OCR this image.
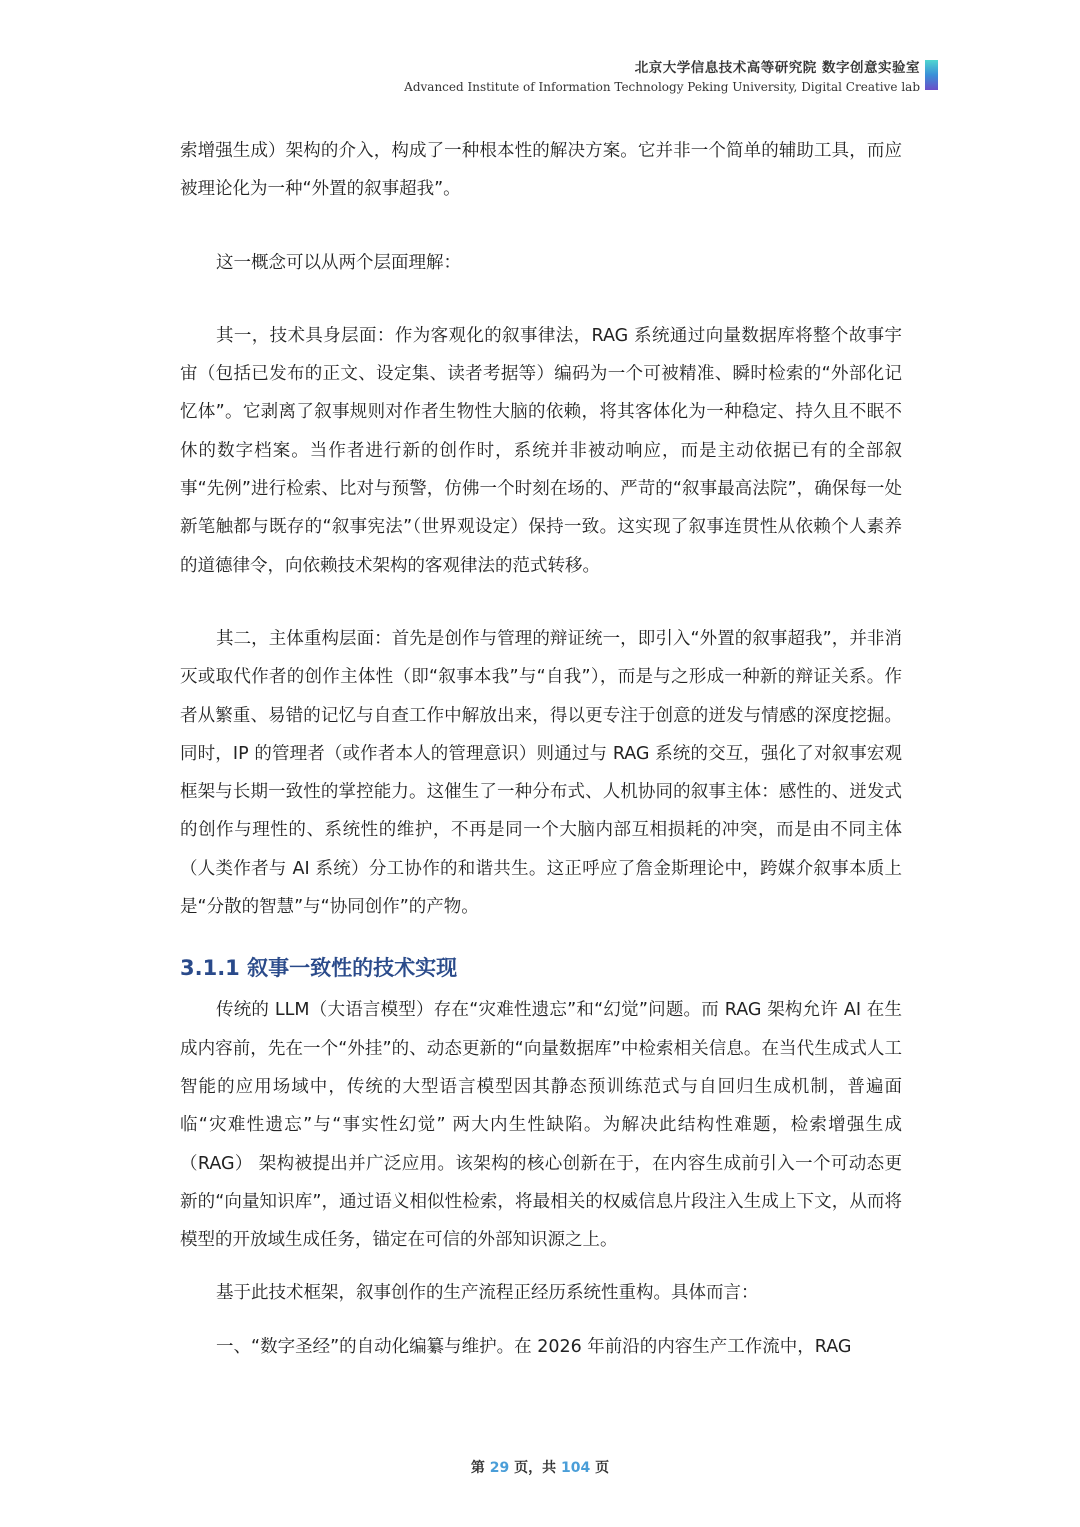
北京大学信息技术高等研究院 数字创意实验室
Advanced Institute of Information Technology Peking University, Digital Creative lab

索增强生成）架构的介入，构成了一种根本性的解决方案。它并非一个简单的辅助工具，而应被理论化为一种“外置的叙事超我”。

这一概念可以从两个层面理解：

其一，技术具身层面：作为客观化的叙事律法，RAG 系统通过向量数据库将整个故事宇宙（包括已发布的正文、设定集、读者考据等）编码为一个可被精准、瞬时检索的“外部化记忆体”。它剥离了叙事规则对作者生物性大脑的依赖，将其客体化为一种稳定、持久且不眠不休的数字档案。当作者进行新的创作时，系统并非被动响应，而是主动依据已有的全部叙事“先例”进行检索、比对与预警，仿佛一个时刻在场的、严苛的“叙事最高法院”，确保每一处新笔触都与既存的“叙事宪法”（世界观设定）保持一致。这实现了叙事连贯性从依赖个人素养的道德律令，向依赖技术架构的客观律法的范式转移。

其二，主体重构层面：首先是创作与管理的辩证统一，即引入“外置的叙事超我”，并非消灭或取代作者的创作主体性（即“叙事本我”与“自我”），而是与之形成一种新的辩证关系。作者从繁重、易错的记忆与自查工作中解放出来，得以更专注于创意的迸发与情感的深度挖掘。同时，IP 的管理者（或作者本人的管理意识）则通过与 RAG 系统的交互，强化了对叙事宏观框架与长期一致性的掌控能力。这催生了一种分布式、人机协同的叙事主体：感性的、迸发式的创作与理性的、系统性的维护，不再是同一个大脑内部互相损耗的冲突，而是由不同主体（人类作者与 AI 系统）分工协作的和谐共生。这正呼应了詹金斯理论中，跨媒介叙事本质上是“分散的智慧”与“协同创作”的产物。

3.1.1 叙事一致性的技术实现

传统的 LLM（大语言模型）存在“灾难性遗忘”和“幻觉”问题。而 RAG 架构允许 AI 在生成内容前，先在一个“外挂”的、动态更新的“向量数据库”中检索相关信息。在当代生成式人工智能的应用场域中，传统的大型语言模型因其静态预训练范式与自回归生成机制，普遍面临“灾难性遗忘”与“事实性幻觉” 两大内生性缺陷。为解决此结构性难题，检索增强生成（RAG） 架构被提出并广泛应用。该架构的核心创新在于，在内容生成前引入一个可动态更新的“向量知识库”，通过语义相似性检索，将最相关的权威信息片段注入生成上下文，从而将模型的开放域生成任务，锚定在可信的外部知识源之上。

基于此技术框架，叙事创作的生产流程正经历系统性重构。具体而言：

一、“数字圣经”的自动化编纂与维护。在 2026 年前沿的内容生产工作流中，RAG

第 29 页，共 104 页
